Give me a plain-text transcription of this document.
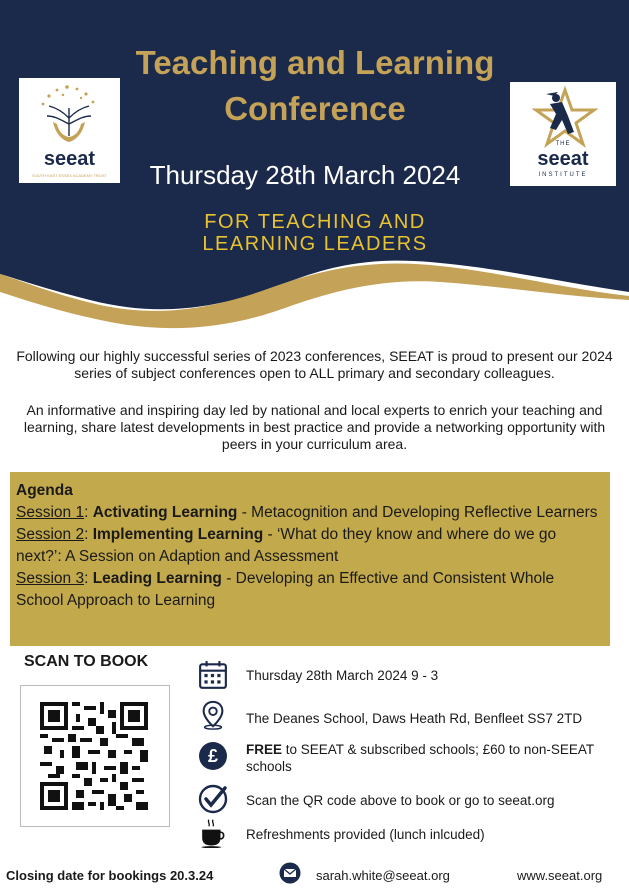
Teaching and Learning
Conference
Thursday 28th March 2024
FOR TEACHING AND
LEARNING LEADERS
seeat
SOUTH EAST ESSEX ACADEMY TRUST
THE
seeat
INSTITUTE
Following our highly successful series of 2023 conferences, SEEAT is proud to present our 2024 series of subject conferences open to ALL primary and secondary colleagues.
An informative and inspiring day led by national and local experts to enrich your teaching and learning, share latest developments in best practice and provide a networking opportunity with peers in your curriculum area.
Agenda
Session 1: Activating Learning - Metacognition and Developing Reflective Learners
Session 2: Implementing Learning - ‘What do they know and where do we go next?’: A Session on Adaption and Assessment
Session 3: Leading Learning - Developing an Effective and Consistent Whole School Approach to Learning
SCAN TO BOOK
Thursday 28th March 2024 9 - 3
The Deanes School, Daws Heath Rd, Benfleet SS7 2TD
£ FREE to SEEAT & subscribed schools; £60 to non-SEEAT schools
Scan the QR code above to book or go to seeat.org
Refreshments provided (lunch inlcuded)
Closing date for bookings 20.3.24	sarah.white@seeat.org	www.seeat.org
